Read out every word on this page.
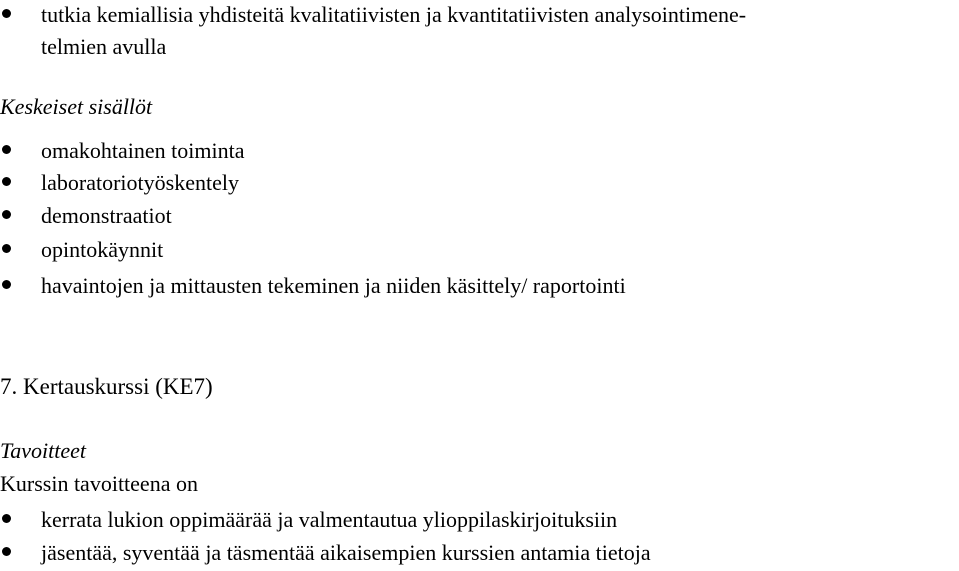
tutkia kemiallisia yhdisteitä kvalitatiivisten ja kvantitatiivisten analysointimene-
telmien avulla
Keskeiset sisällöt
omakohtainen toiminta
laboratoriotyöskentely
demonstraatiot
opintokäynnit
havaintojen ja mittausten tekeminen ja niiden käsittely/ raportointi
7. Kertauskurssi (KE7)
Tavoitteet
Kurssin tavoitteena on
kerrata lukion oppimäärää ja valmentautua ylioppilaskirjoituksiin
jäsentää, syventää ja täsmentää aikaisempien kurssien antamia tietoja
